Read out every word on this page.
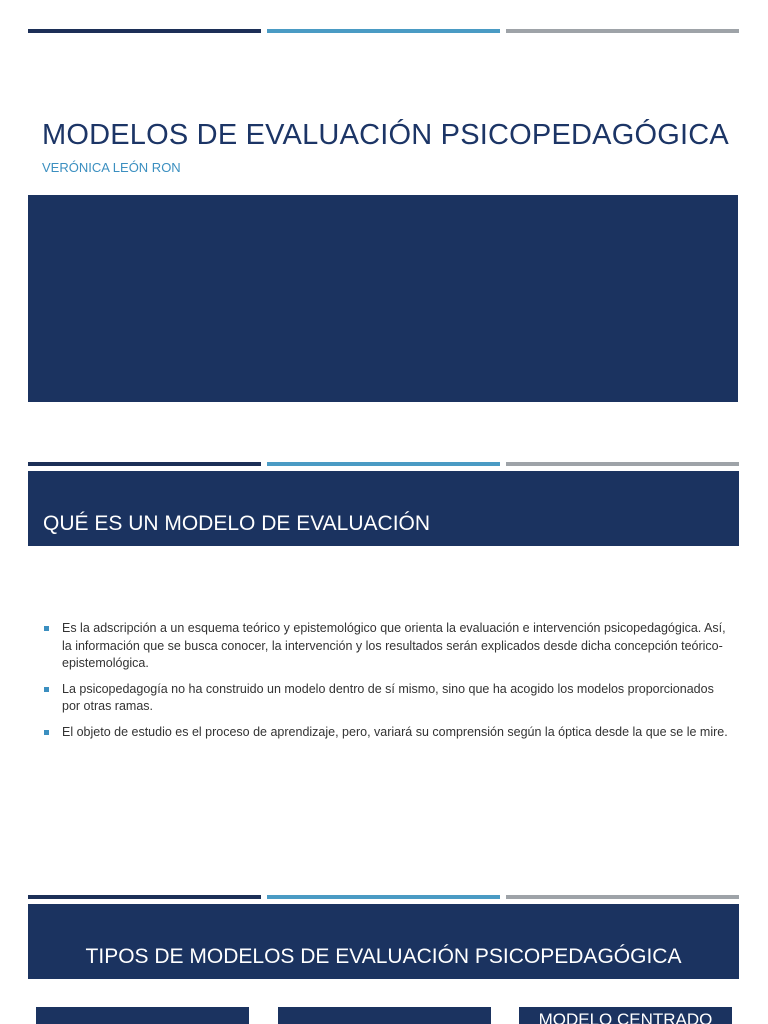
MODELOS DE EVALUACIÓN PSICOPEDAGÓGICA
VERÓNICA LEÓN RON
QUÉ ES UN MODELO DE EVALUACIÓN
Es la adscripción a un esquema teórico y epistemológico que orienta la evaluación e intervención psicopedagógica. Así, la información que se busca conocer, la intervención y los resultados serán explicados desde dicha concepción teórico-epistemológica.
La psicopedagogía no ha construido un modelo dentro de sí mismo, sino que ha acogido los modelos proporcionados por otras ramas.
El objeto de estudio es el proceso de aprendizaje, pero, variará su comprensión según la óptica desde la que se le mire.
TIPOS DE MODELOS DE EVALUACIÓN PSICOPEDAGÓGICA
MODELO CENTRADO
